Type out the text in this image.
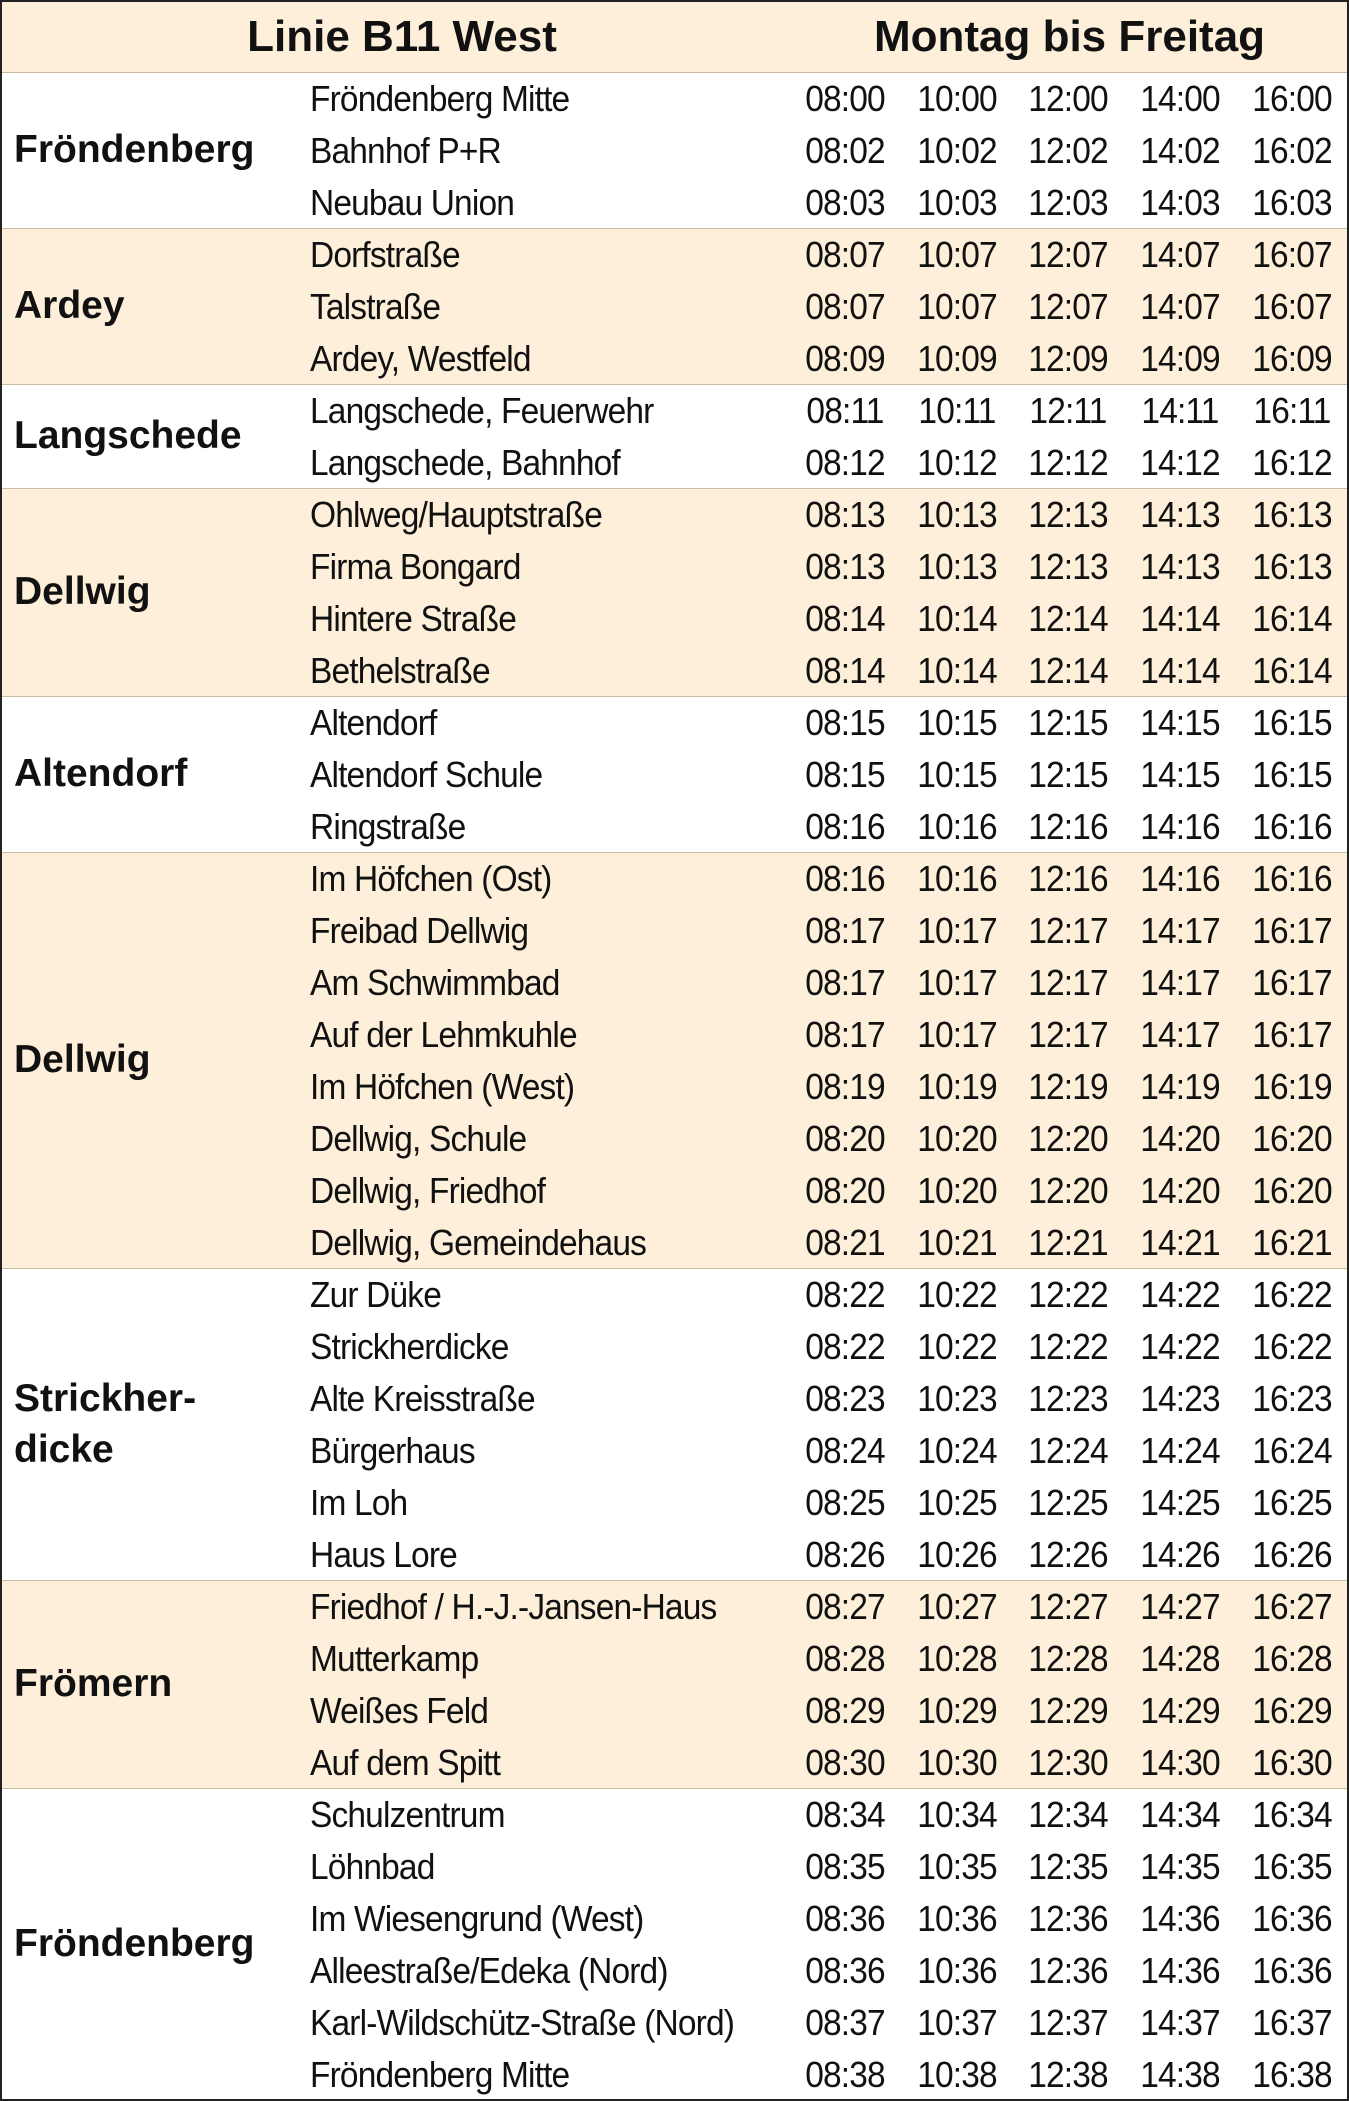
Linie B11 West	Montag bis Freitag
Fröndenberg
Fröndenberg Mitte	08:00 10:00 12:00 14:00 16:00
Bahnhof P+R	08:02 10:02 12:02 14:02 16:02
Neubau Union	08:03 10:03 12:03 14:03 16:03
Ardey
Dorfstraße	08:07 10:07 12:07 14:07 16:07
Talstraße	08:07 10:07 12:07 14:07 16:07
Ardey, Westfeld	08:09 10:09 12:09 14:09 16:09
Langschede
Langschede, Feuerwehr	08:11 10:11 12:11 14:11 16:11
Langschede, Bahnhof	08:12 10:12 12:12 14:12 16:12
Dellwig
Ohlweg/Hauptstraße	08:13 10:13 12:13 14:13 16:13
Firma Bongard	08:13 10:13 12:13 14:13 16:13
Hintere Straße	08:14 10:14 12:14 14:14 16:14
Bethelstraße	08:14 10:14 12:14 14:14 16:14
Altendorf
Altendorf	08:15 10:15 12:15 14:15 16:15
Altendorf Schule	08:15 10:15 12:15 14:15 16:15
Ringstraße	08:16 10:16 12:16 14:16 16:16
Dellwig
Im Höfchen (Ost)	08:16 10:16 12:16 14:16 16:16
Freibad Dellwig	08:17 10:17 12:17 14:17 16:17
Am Schwimmbad	08:17 10:17 12:17 14:17 16:17
Auf der Lehmkuhle	08:17 10:17 12:17 14:17 16:17
Im Höfchen (West)	08:19 10:19 12:19 14:19 16:19
Dellwig, Schule	08:20 10:20 12:20 14:20 16:20
Dellwig, Friedhof	08:20 10:20 12:20 14:20 16:20
Dellwig, Gemeindehaus	08:21 10:21 12:21 14:21 16:21
Strickher-
dicke
Zur Düke	08:22 10:22 12:22 14:22 16:22
Strickherdicke	08:22 10:22 12:22 14:22 16:22
Alte Kreisstraße	08:23 10:23 12:23 14:23 16:23
Bürgerhaus	08:24 10:24 12:24 14:24 16:24
Im Loh	08:25 10:25 12:25 14:25 16:25
Haus Lore	08:26 10:26 12:26 14:26 16:26
Frömern
Friedhof / H.-J.-Jansen-Haus 08:27 10:27 12:27 14:27 16:27
Mutterkamp	08:28 10:28 12:28 14:28 16:28
Weißes Feld	08:29 10:29 12:29 14:29 16:29
Auf dem Spitt	08:30 10:30 12:30 14:30 16:30
Fröndenberg
Schulzentrum	08:34 10:34 12:34 14:34 16:34
Löhnbad	08:35 10:35 12:35 14:35 16:35
Im Wiesengrund (West)	08:36 10:36 12:36 14:36 16:36
Alleestraße/Edeka (Nord)	08:36 10:36 12:36 14:36 16:36
Karl-Wildschütz-Straße (Nord) 08:37 10:37 12:37 14:37 16:37
Fröndenberg Mitte	08:38 10:38 12:38 14:38 16:38
